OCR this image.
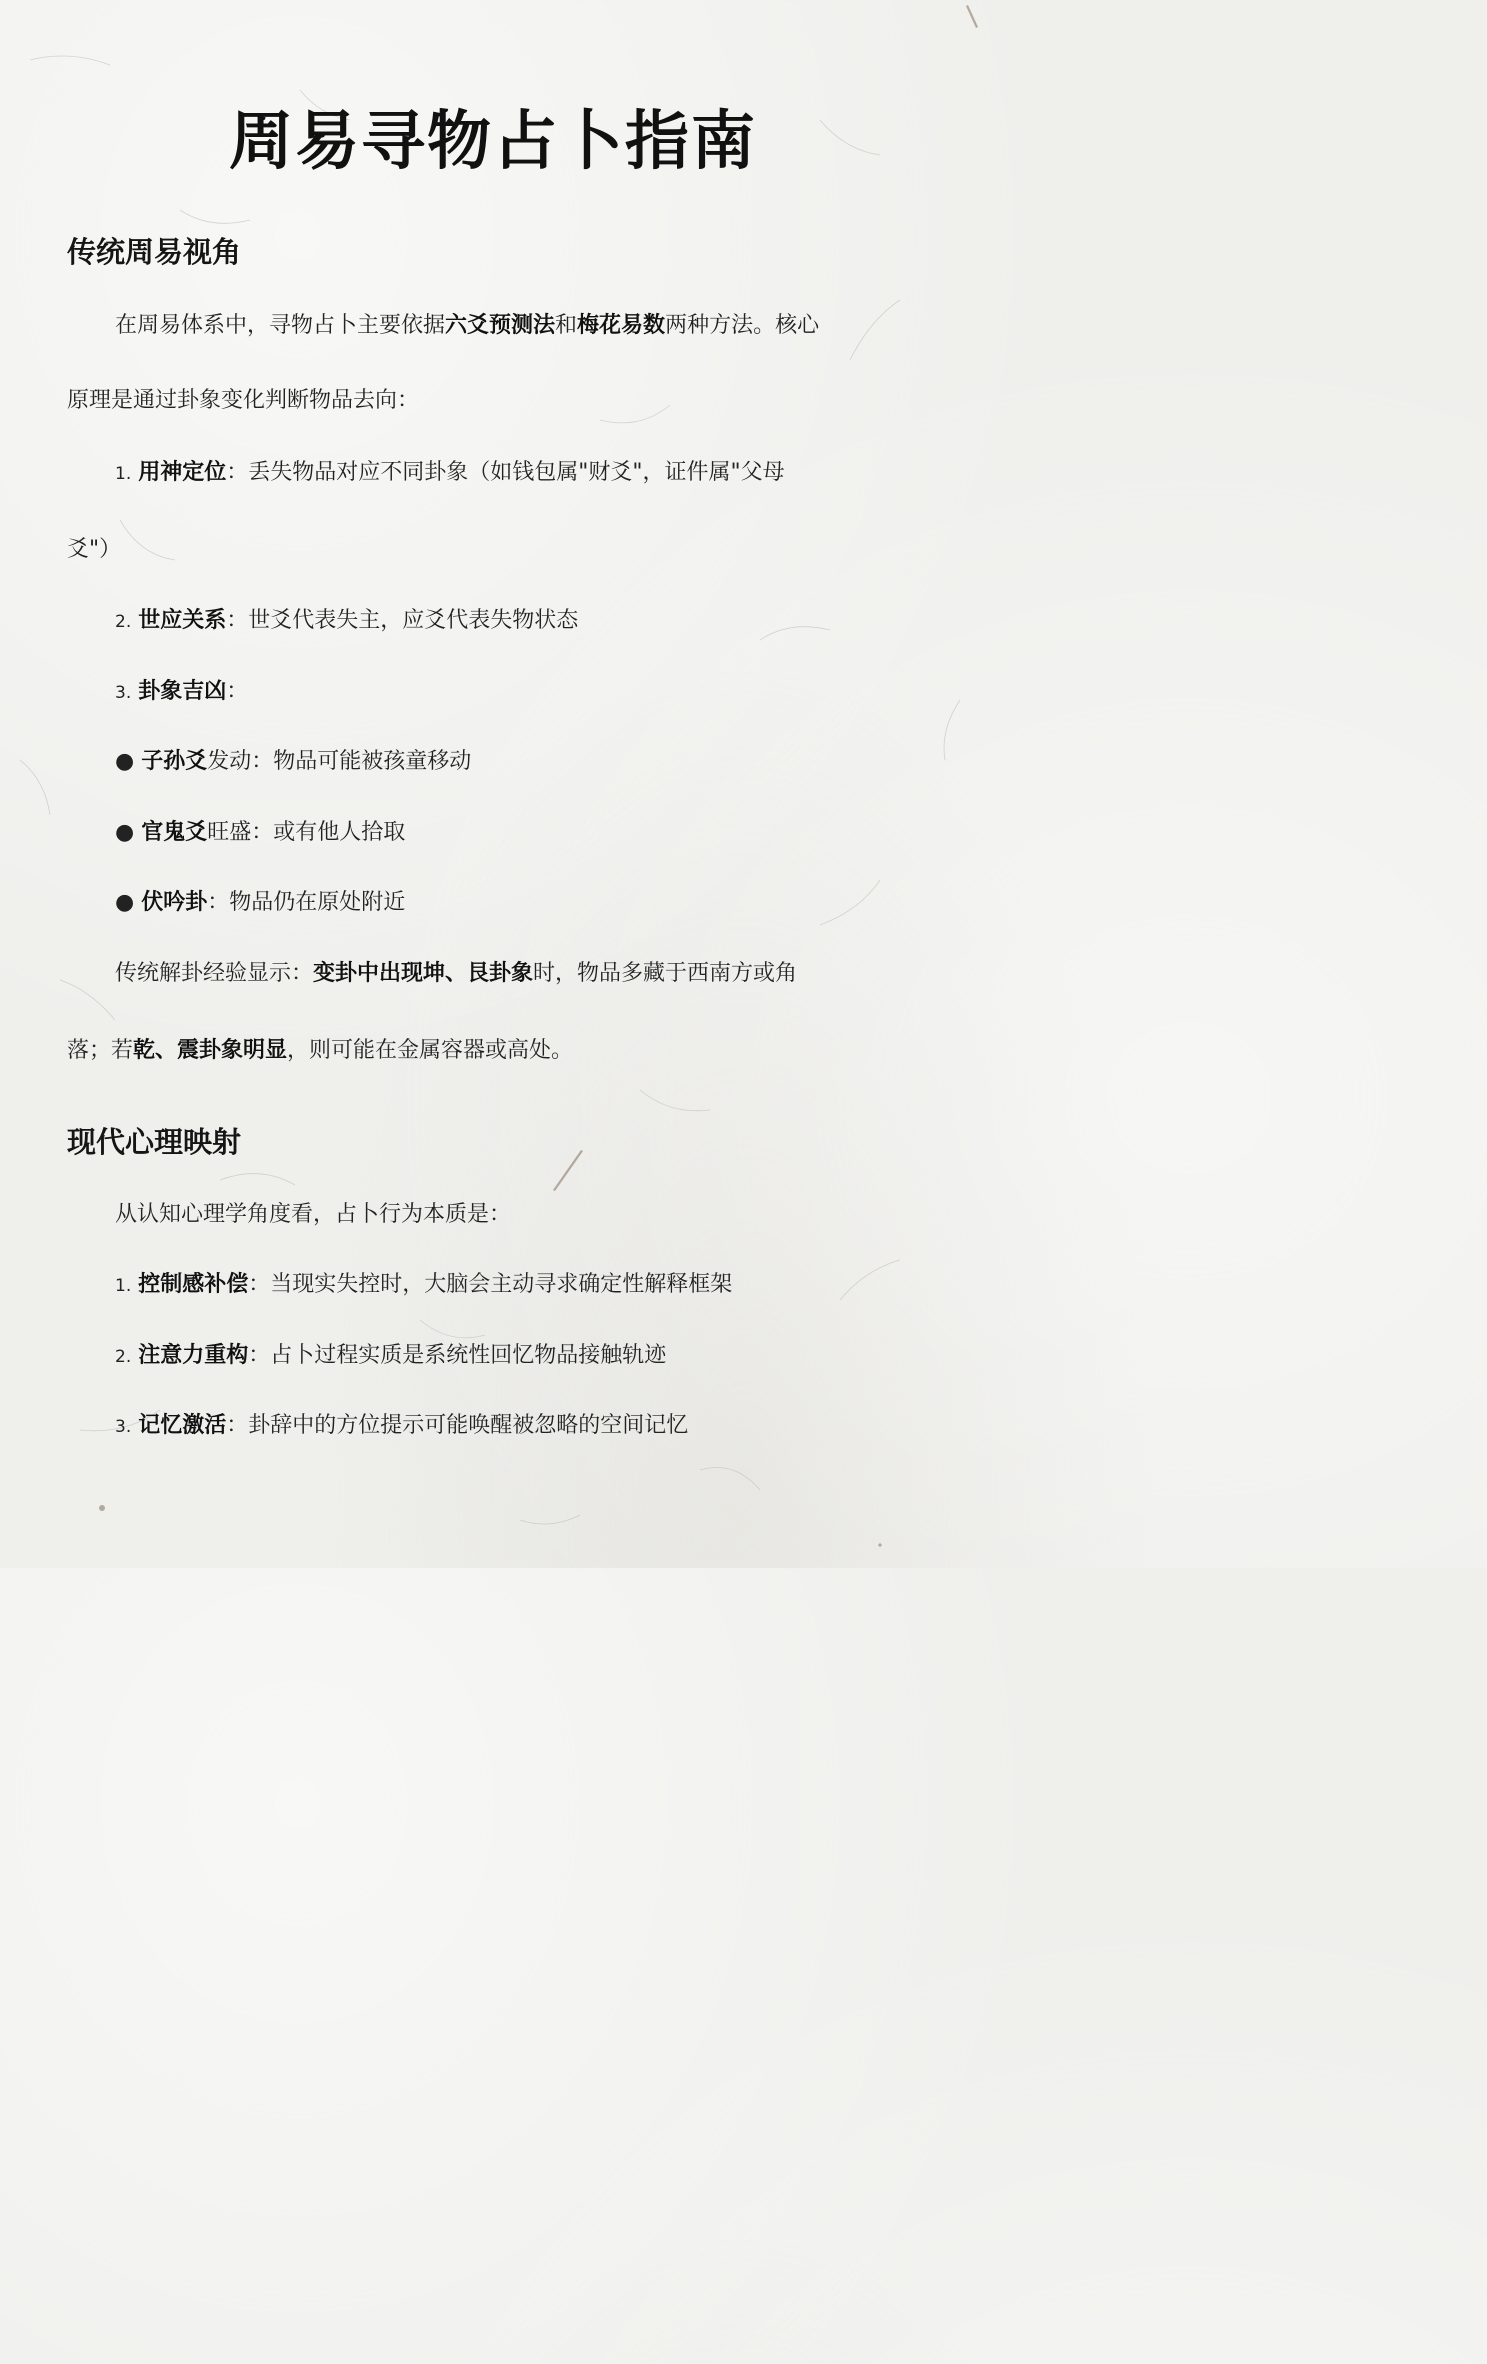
周易寻物占卜指南
传统周易视角
在周易体系中，寻物占卜主要依据六爻预测法和梅花易数两种方法。核心
原理是通过卦象变化判断物品去向：
1. 用神定位：丢失物品对应不同卦象（如钱包属"财爻"，证件属"父母
爻"）
2. 世应关系：世爻代表失主，应爻代表失物状态
3. 卦象吉凶：
● 子孙爻发动：物品可能被孩童移动
● 官鬼爻旺盛：或有他人拾取
● 伏吟卦：物品仍在原处附近
传统解卦经验显示：变卦中出现坤、艮卦象时，物品多藏于西南方或角
落；若乾、震卦象明显，则可能在金属容器或高处。
现代心理映射
从认知心理学角度看，占卜行为本质是：
1. 控制感补偿：当现实失控时，大脑会主动寻求确定性解释框架
2. 注意力重构：占卜过程实质是系统性回忆物品接触轨迹
3. 记忆激活：卦辞中的方位提示可能唤醒被忽略的空间记忆
